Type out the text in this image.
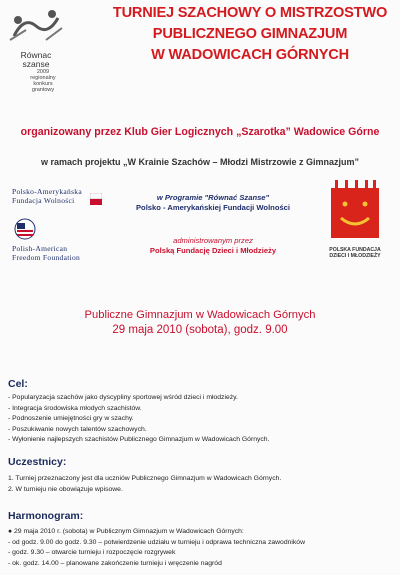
TURNIEJ SZACHOWY O MISTRZOSTWO
PUBLICZNEGO GIMNAZJUM
W WADOWICACH GÓRNYCH
Równac
szanse
2009
regionalny
konkurs
grantowy
organizowany przez Klub Gier Logicznych „Szarotka” Wadowice Górne
w ramach projektu „W Krainie Szachów – Młodzi Mistrzowie z Gimnazjum”
Polsko-Amerykańska
Fundacja Wolności
Polish-American
Freedom Foundation
w Programie "Równać Szanse"
Polsko - Amerykańskiej Fundacji Wolności
administrowanym przez
Polską Fundację Dzieci i Młodzieży	POLSKA FUNDACJA
DZIECI I MŁODZIEŻY
Publiczne Gimnazjum w Wadowicach Górnych
29 maja 2010 (sobota), godz. 9.00
Cel:
- Popularyzacja szachów jako dyscypliny sportowej wśród dzieci i młodzieży.
- Integracja środowiska młodych szachistów.
- Podnoszenie umiejętności gry w szachy.
- Poszukiwanie nowych talentów szachowych.
- Wyłonienie najlepszych szachistów Publicznego Gimnazjum w Wadowicach Górnych.
Uczestnicy:
1. Turniej przeznaczony jest dla uczniów Publicznego Gimnazjum w Wadowicach Górnych.
2. W turnieju nie obowiązuje wpisowe.
Harmonogram:
● 29 maja 2010 r. (sobota) w Publicznym Gimnazjum w Wadowicach Górnych:
- od godz. 9.00 do godz. 9.30 – potwierdzenie udziału w turnieju i odprawa techniczna zawodników
- godz. 9.30 – otwarcie turnieju i rozpoczęcie rozgrywek
- ok. godz. 14.00 – planowane zakończenie turnieju i wręczenie nagród
